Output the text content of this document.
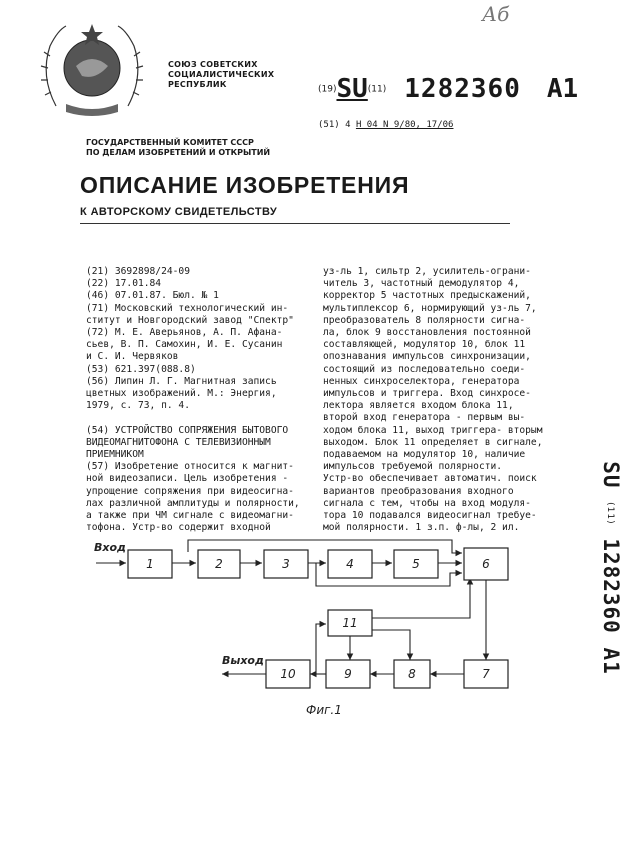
Аб
СОЮЗ СОВЕТСКИХ
СОЦИАЛИСТИЧЕСКИХ
РЕСПУБЛИК	(19)SU(11) 1282360 A1
(51) 4 H 04 N 9/80, 17/06
ГОСУДАРСТВЕННЫЙ КОМИТЕТ СССР
ПО ДЕЛАМ ИЗОБРЕТЕНИЙ И ОТКРЫТИЙ
ОПИСАНИЕ ИЗОБРЕТЕНИЯ
К АВТОРСКОМУ СВИДЕТЕЛЬСТВУ
(21) 3692898/24-09
(22) 17.01.84
(46) 07.01.87. Бюл. № 1
(71) Московский технологический ин-
ститут и Новгородский завод "Спектр"
(72) М. Е. Аверьянов, А. П. Афана-
сьев, В. П. Самохин, И. Е. Сусанин
и С. И. Червяков
(53) 621.397(088.8)
(56) Липин Л. Г. Магнитная запись
цветных изображений. М.: Энергия,
1979, с. 73, п. 4.

(54) УСТРОЙСТВО СОПРЯЖЕНИЯ БЫТОВОГО
ВИДЕОМАГНИТОФОНА С ТЕЛЕВИЗИОННЫМ
ПРИЕМНИКОМ
(57) Изобретение относится к магнит-
ной видеозаписи. Цель изобретения -
упрощение сопряжения при видеосигна-
лах различной амплитуды и полярности,
а также при ЧМ сигнале с видеомагни-
тофона. Устр-во содержит входной
уз-ль 1, сильтр 2, усилитель-ограни-
читель 3, частотный демодулятор 4,
корректор 5 частотных предыскажений,
мультиплексор 6, нормирующий уз-ль 7,
преобразователь 8 полярности сигна-
ла, блок 9 восстановления постоянной
составляющей, модулятор 10, блок 11
опознавания импульсов синхронизации,
состоящий из последовательно соеди-
ненных синхроселектора, генератора
импульсов и триггера. Вход синхросе-
лектора является входом блока 11,
второй вход генератора - первым вы-
ходом блока 11, выход триггера- вторым
выходом. Блок 11 определяет в сигнале,
подаваемом на модулятор 10, наличие
импульсов требуемой полярности.
Устр-во обеспечивает автоматич. поиск
вариантов преобразования входного
сигнала с тем, чтобы на вход модуля-
тора 10 подавался видеосигнал требуе-
мой полярности. 1 з.п. ф-лы, 2 ил.
SU (11) 1282360 A1
1	2	3	4	5	6
7
8
9
10
11
Вход
Выход
Фиг.1
